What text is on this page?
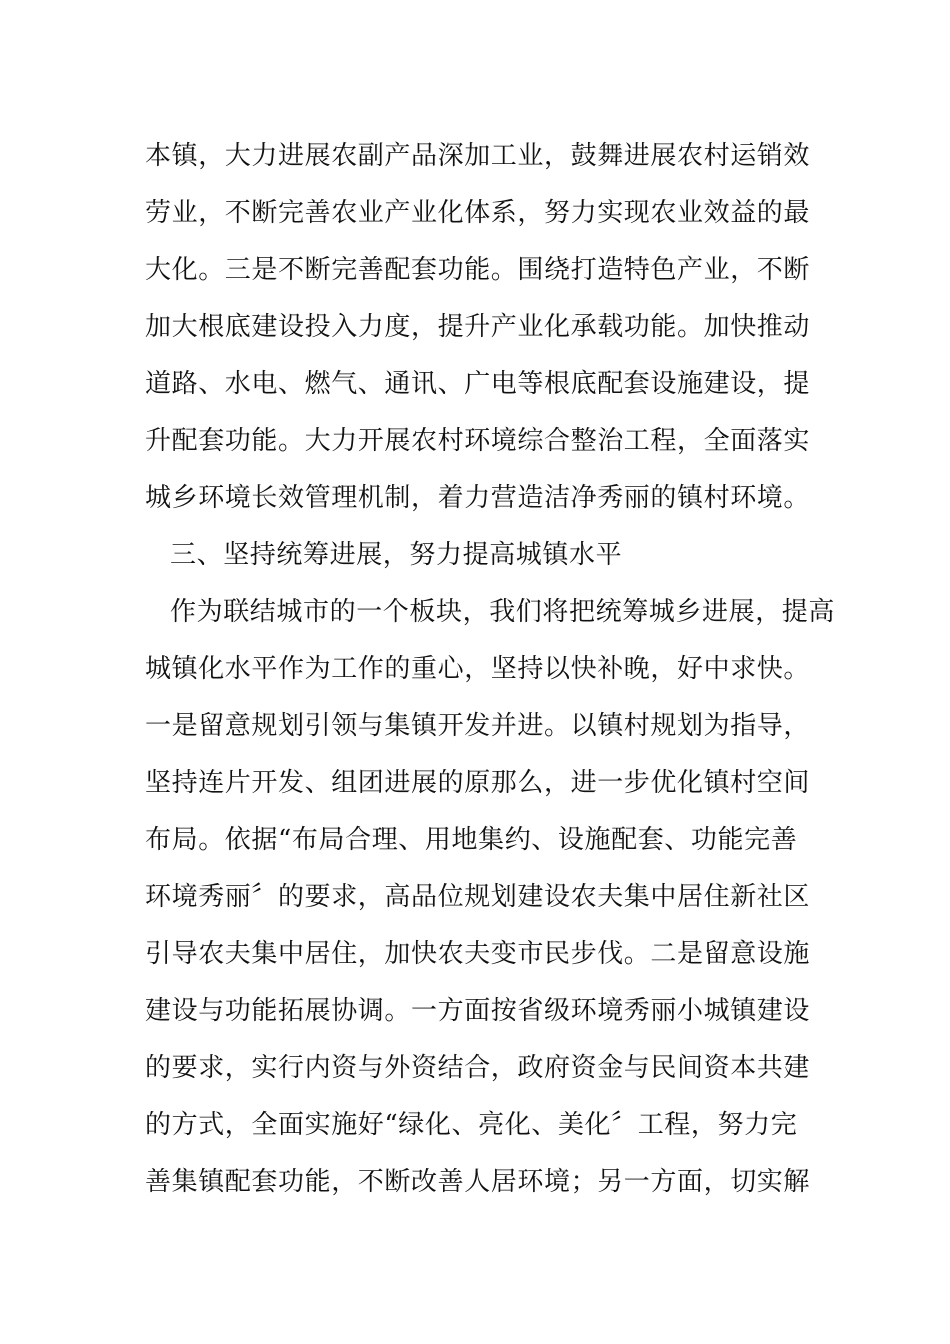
本镇，大力进展农副产品深加工业，鼓舞进展农村运销效
劳业，不断完善农业产业化体系，努力实现农业效益的最
大化。三是不断完善配套功能。围绕打造特色产业，不断
加大根底建设投入力度，提升产业化承载功能。加快推动
道路、水电、燃气、通讯、广电等根底配套设施建设，提
升配套功能。大力开展农村环境综合整治工程，全面落实
城乡环境长效管理机制，着力营造洁净秀丽的镇村环境。
三、坚持统筹进展，努力提高城镇水平
作为联结城市的一个板块，我们将把统筹城乡进展，提高
城镇化水平作为工作的重心，坚持以快补晚，好中求快。
一是留意规划引领与集镇开发并进。以镇村规划为指导，
坚持连片开发、组团进展的原那么，进一步优化镇村空间
布局。依据“布局合理、用地集约、设施配套、功能完善
环境秀丽〞的要求，高品位规划建设农夫集中居住新社区
引导农夫集中居住，加快农夫变市民步伐。二是留意设施
建设与功能拓展协调。一方面按省级环境秀丽小城镇建设
的要求，实行内资与外资结合，政府资金与民间资本共建
的方式，全面实施好“绿化、亮化、美化〞工程，努力完
善集镇配套功能，不断改善人居环境；另一方面，切实解
